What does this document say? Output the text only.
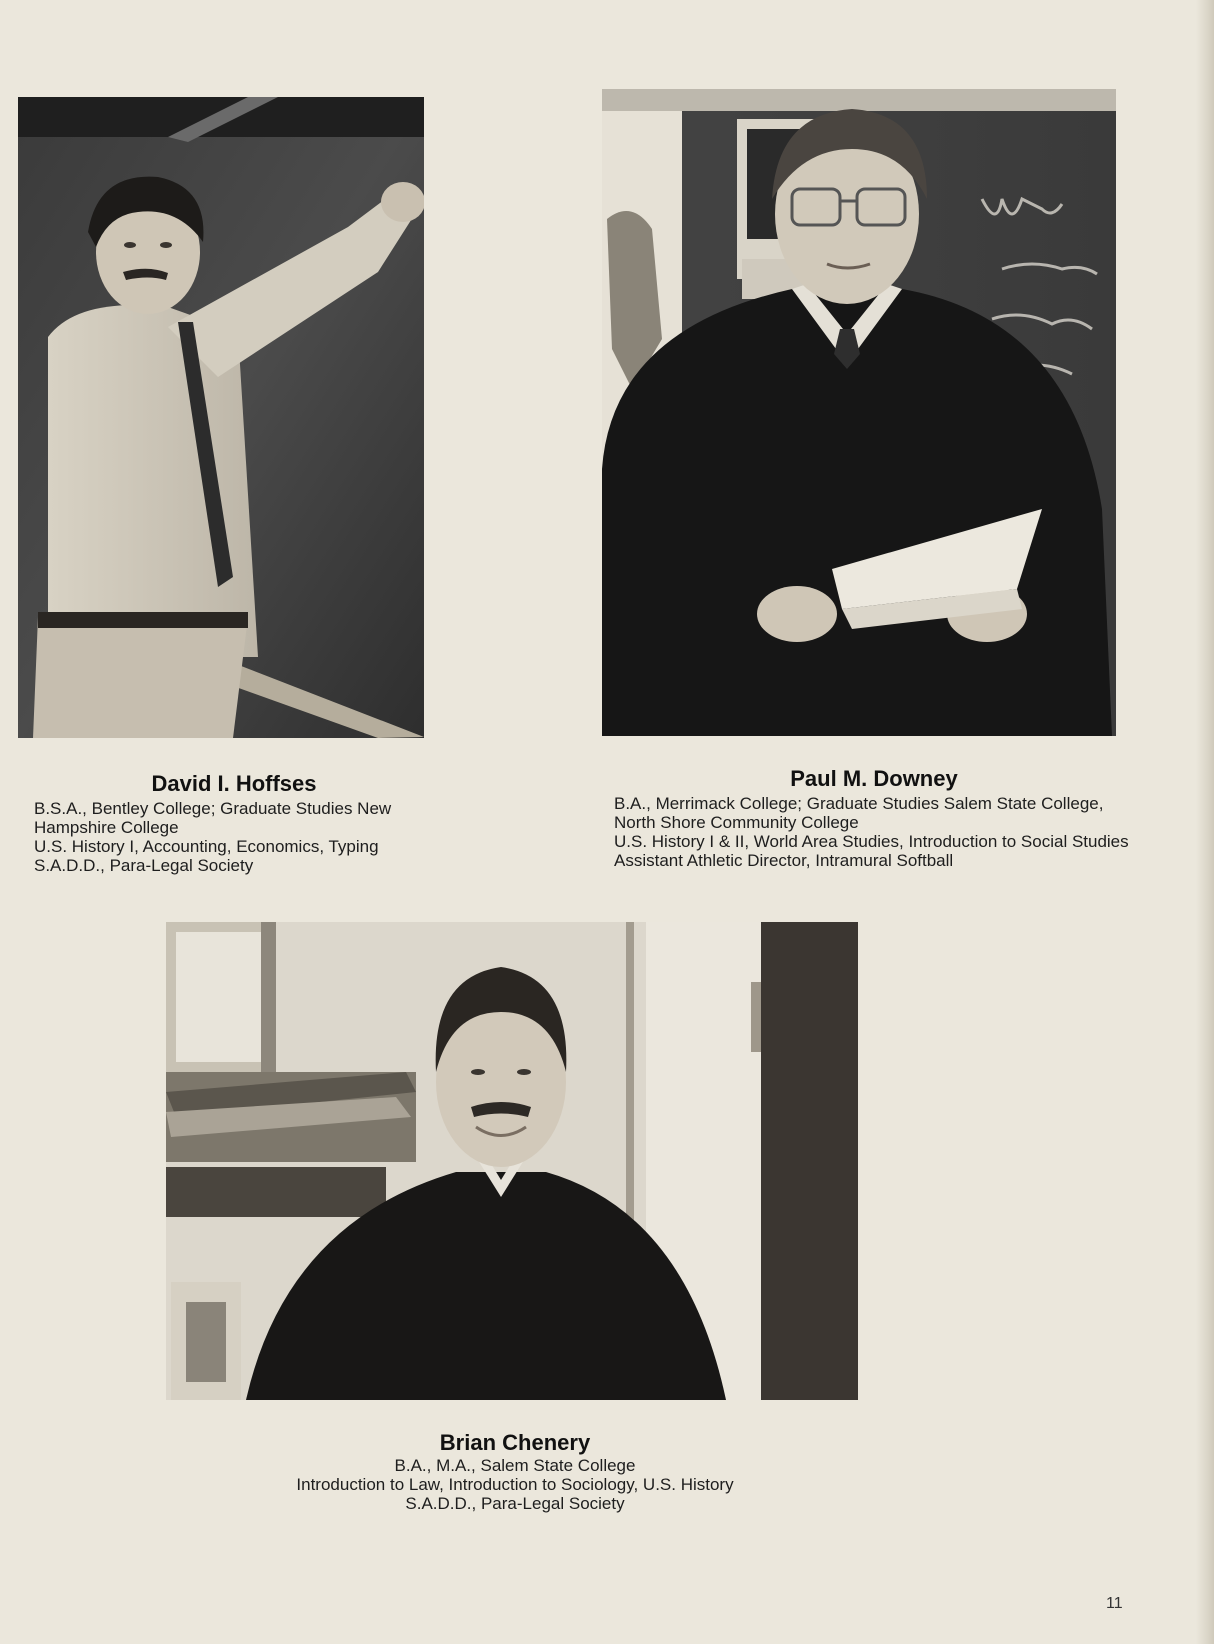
David I. Hoffses
B.S.A., Bentley College; Graduate Studies New
Hampshire College
U.S. History I, Accounting, Economics, Typing
S.A.D.D., Para-Legal Society
Paul M. Downey
B.A., Merrimack College; Graduate Studies Salem State College,
North Shore Community College
U.S. History I & II, World Area Studies, Introduction to Social Studies
Assistant Athletic Director, Intramural Softball
Brian Chenery
B.A., M.A., Salem State College
Introduction to Law, Introduction to Sociology, U.S. History
S.A.D.D., Para-Legal Society
11
